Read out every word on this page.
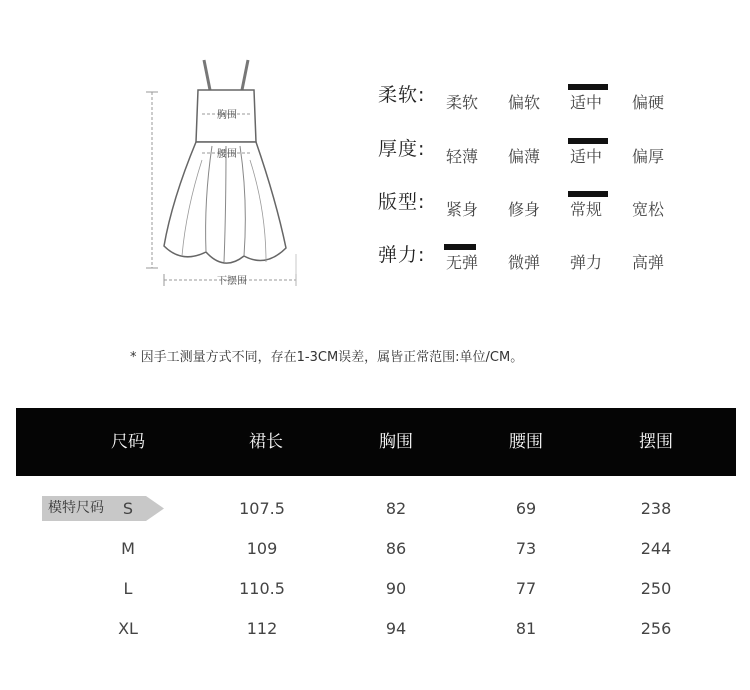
胸围
腰围
下摆围
柔软: 柔软	偏软	适中	偏硬
厚度: 轻薄	偏薄	适中	偏厚
版型: 紧身	修身	常规	宽松
弹力: 无弹	微弹	弹力	高弹
* 因手工测量方式不同，存在1-3CM误差，属皆正常范围:单位/CM。
尺码	裙长	胸围	腰围	摆围
模特尺码	S	107.5	82	69	238
M	109	86	73	244
L	110.5	90	77	250
XL	112	94	81	256
